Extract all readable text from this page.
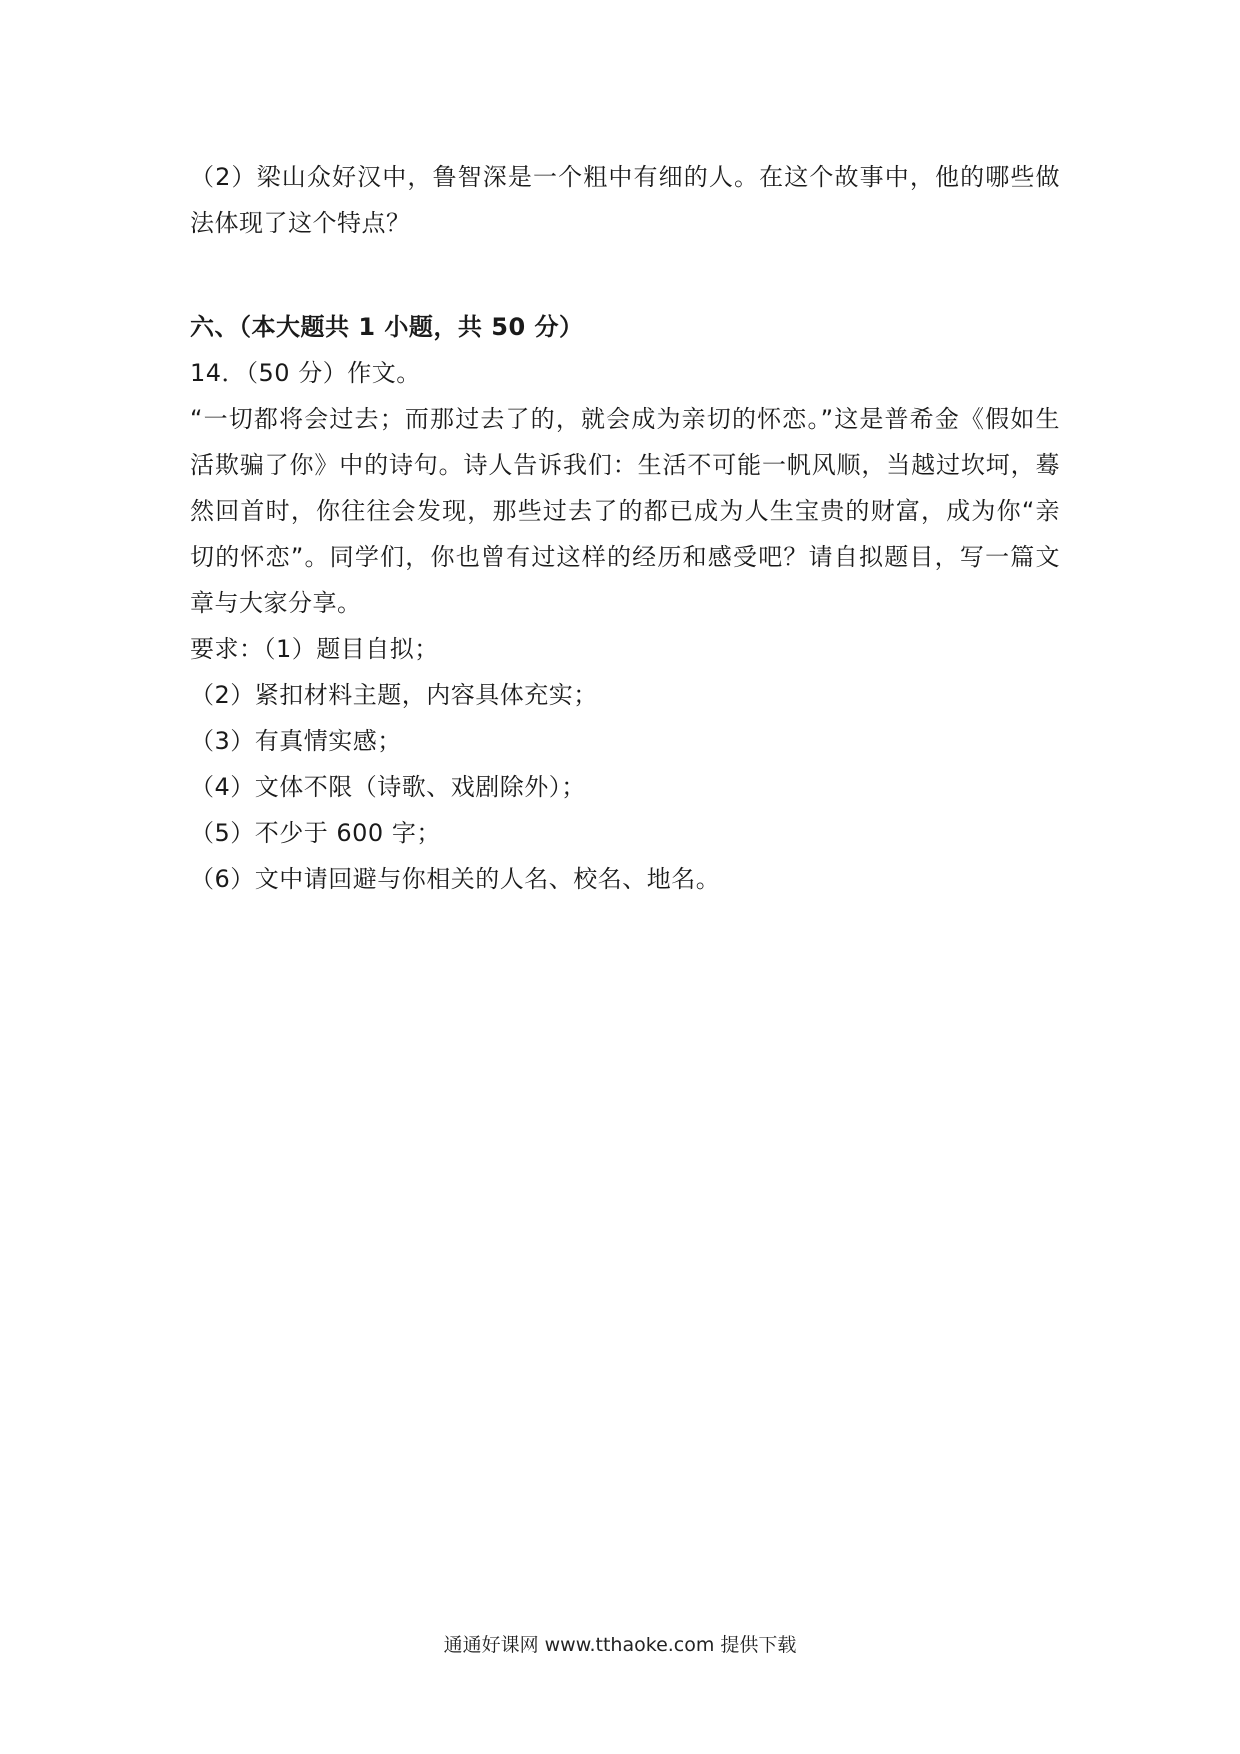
（2）梁山众好汉中，鲁智深是一个粗中有细的人。在这个故事中，他的哪些做
法体现了这个特点？
六、（本大题共 1 小题，共 50 分）
14．（50 分）作文。
“一切都将会过去；而那过去了的，就会成为亲切的怀恋。”这是普希金《假如生
活欺骗了你》中的诗句。诗人告诉我们：生活不可能一帆风顺，当越过坎坷，蓦
然回首时，你往往会发现，那些过去了的都已成为人生宝贵的财富，成为你“亲
切的怀恋”。同学们，你也曾有过这样的经历和感受吧？请自拟题目，写一篇文
章与大家分享。
要求：（1）题目自拟；
（2）紧扣材料主题，内容具体充实；
（3）有真情实感；
（4）文体不限（诗歌、戏剧除外）；
（5）不少于 600 字；
（6）文中请回避与你相关的人名、校名、地名。
通通好课网 www.tthaoke.com 提供下载
